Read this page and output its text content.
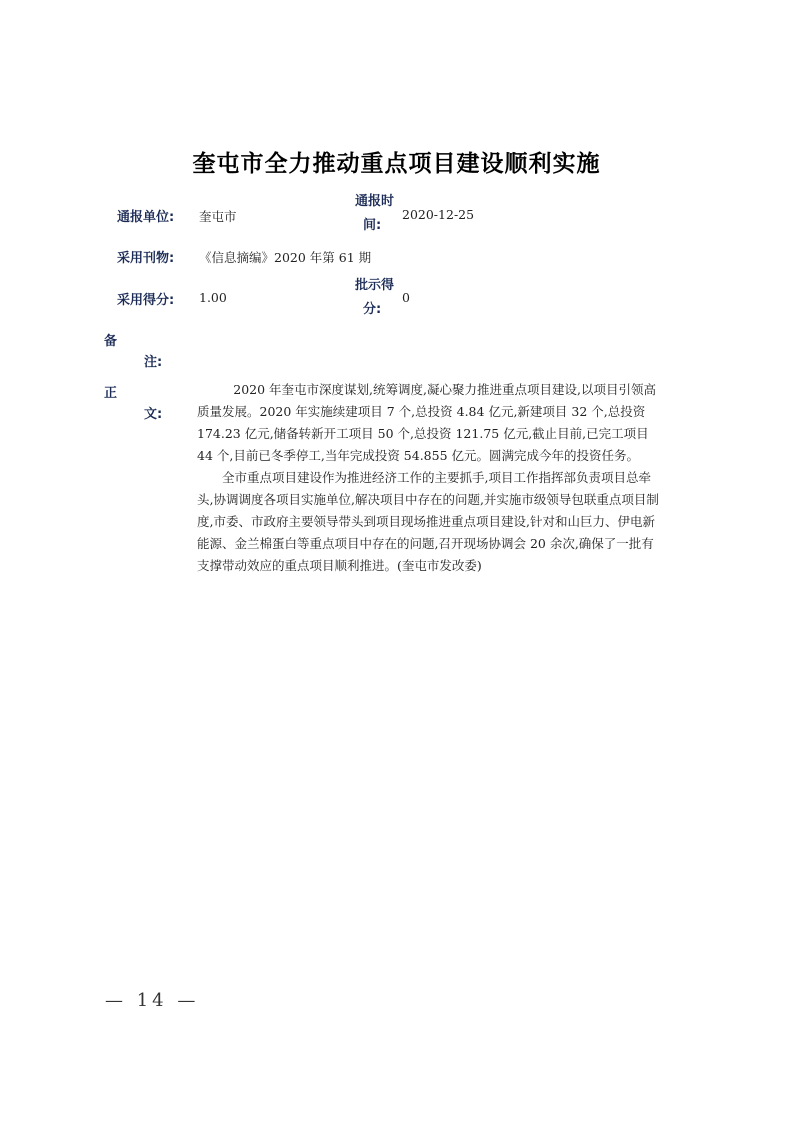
奎屯市全力推动重点项目建设顺利实施
通报单位: 奎屯市
通报时
间:
2020-12-25
采用刊物: 《信息摘编》2020 年第 61 期
采用得分: 1.00
批示得
分:
0
备
注:
正
文:

2020 年奎屯市深度谋划,统筹调度,凝心聚力推进重点项目建设,以项目引领高质量发展。2020 年实施续建项目 7 个,总投资 4.84 亿元,新建项目 32 个,总投资 174.23 亿元,储备转新开工项目 50 个,总投资 121.75 亿元,截止目前,已完工项目 44 个,目前已冬季停工,当年完成投资 54.855 亿元。圆满完成今年的投资任务。

全市重点项目建设作为推进经济工作的主要抓手,项目工作指挥部负责项目总牵头,协调调度各项目实施单位,解决项目中存在的问题,并实施市级领导包联重点项目制度,市委、市政府主要领导带头到项目现场推进重点项目建设,针对和山巨力、伊电新能源、金兰棉蛋白等重点项目中存在的问题,召开现场协调会 20 余次,确保了一批有支撑带动效应的重点项目顺利推进。(奎屯市发改委)

— 14 —
